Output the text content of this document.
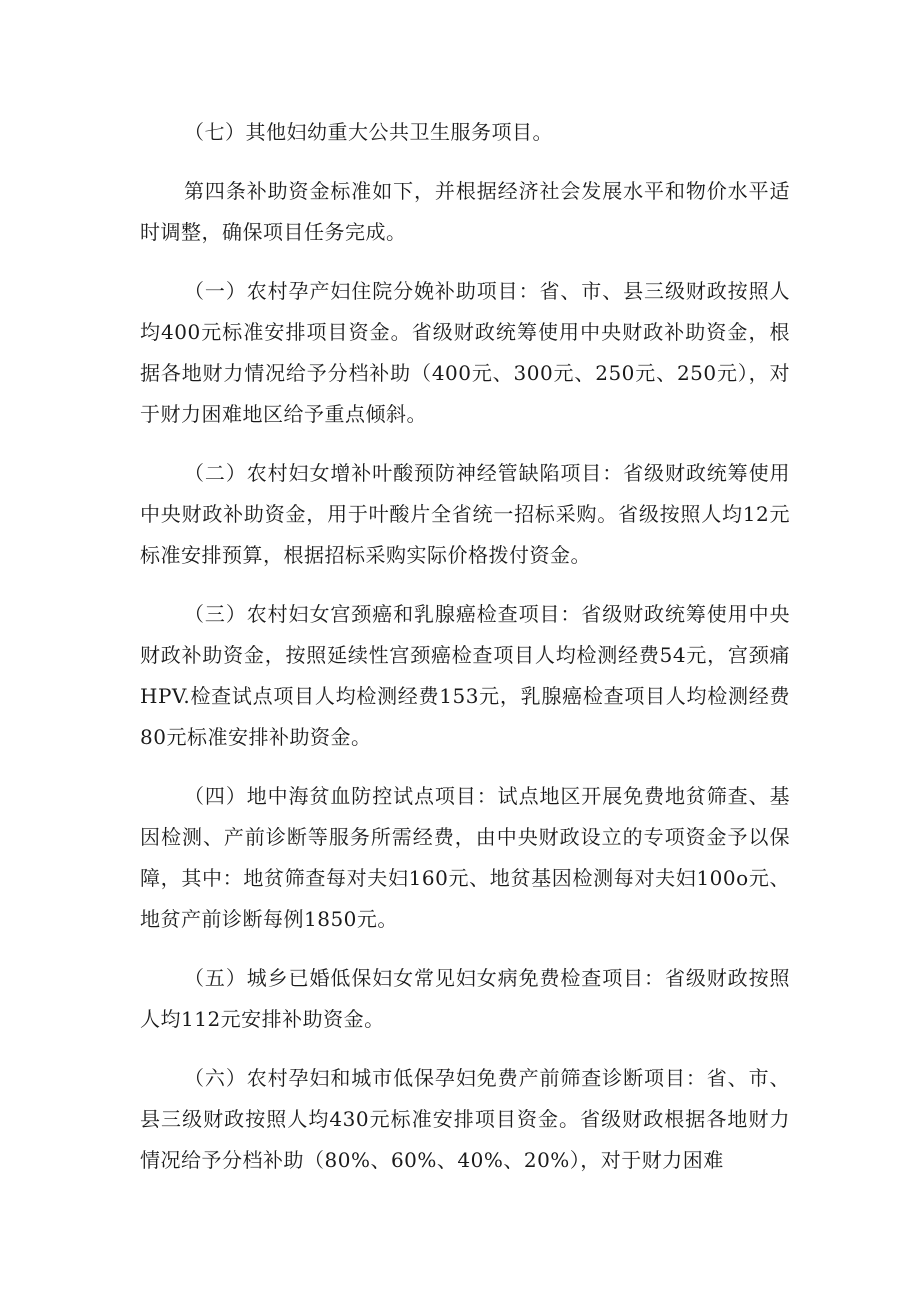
（七）其他妇幼重大公共卫生服务项目。

第四条补助资金标准如下，并根据经济社会发展水平和物价水平适时调整，确保项目任务完成。

（一）农村孕产妇住院分娩补助项目：省、市、县三级财政按照人均400元标准安排项目资金。省级财政统筹使用中央财政补助资金，根据各地财力情况给予分档补助（400元、300元、250元、250元），对于财力困难地区给予重点倾斜。

（二）农村妇女增补叶酸预防神经管缺陷项目：省级财政统筹使用中央财政补助资金，用于叶酸片全省统一招标采购。省级按照人均12元标准安排预算，根据招标采购实际价格拨付资金。

（三）农村妇女宫颈癌和乳腺癌检查项目：省级财政统筹使用中央财政补助资金，按照延续性宫颈癌检查项目人均检测经费54元，宫颈痛HPV.检查试点项目人均检测经费153元，乳腺癌检查项目人均检测经费80元标准安排补助资金。

（四）地中海贫血防控试点项目：试点地区开展免费地贫筛查、基因检测、产前诊断等服务所需经费，由中央财政设立的专项资金予以保障，其中：地贫筛查每对夫妇160元、地贫基因检测每对夫妇100o元、地贫产前诊断每例1850元。

（五）城乡已婚低保妇女常见妇女病免费检查项目：省级财政按照人均112元安排补助资金。

（六）农村孕妇和城市低保孕妇免费产前筛查诊断项目：省、市、县三级财政按照人均430元标准安排项目资金。省级财政根据各地财力情况给予分档补助（80%、60%、40%、20%），对于财力困难
